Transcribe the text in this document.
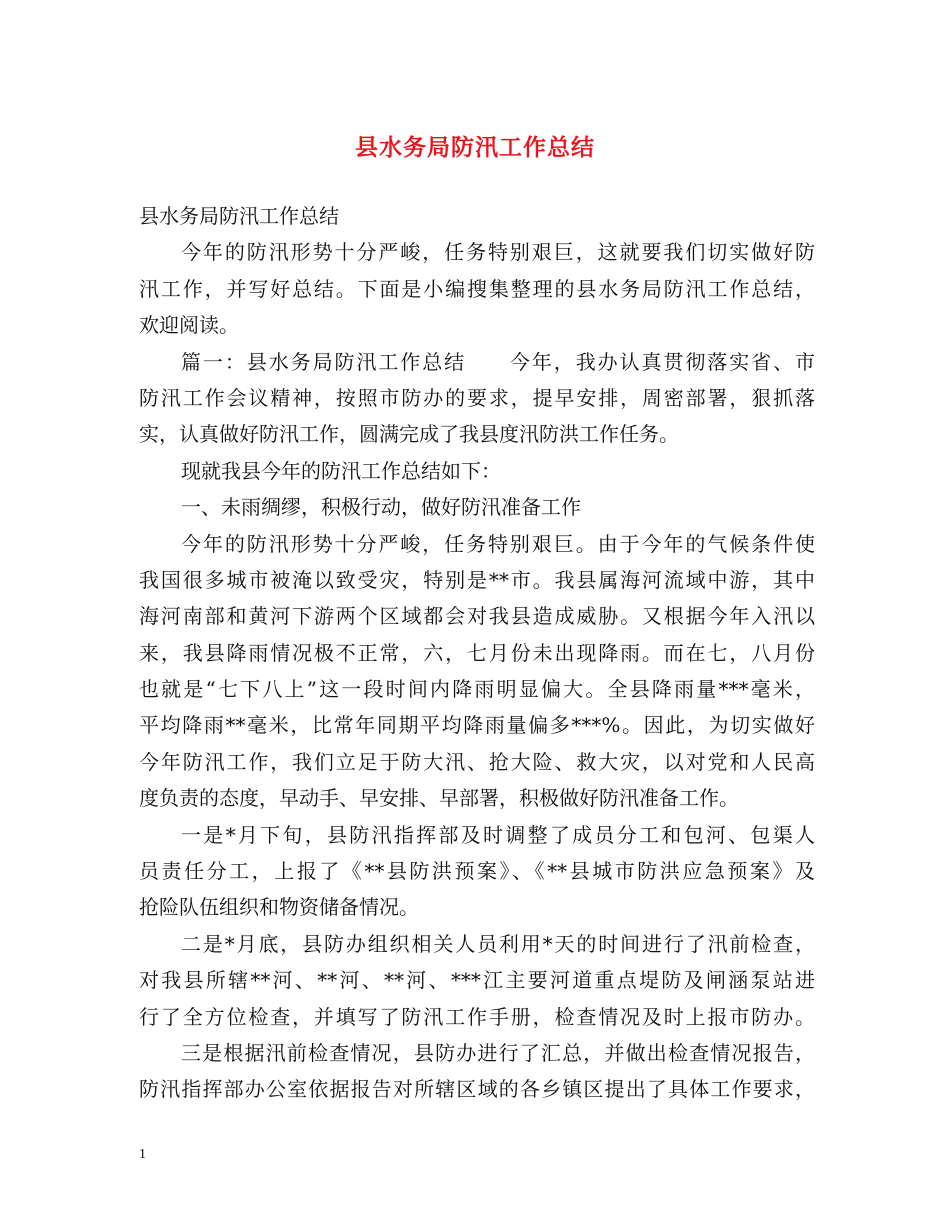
县水务局防汛工作总结
县水务局防汛工作总结
今年的防汛形势十分严峻，任务特别艰巨，这就要我们切实做好防
汛工作，并写好总结。下面是小编搜集整理的县水务局防汛工作总结，
欢迎阅读。
篇一：县水务局防汛工作总结　　今年，我办认真贯彻落实省、市
防汛工作会议精神，按照市防办的要求，提早安排，周密部署，狠抓落
实，认真做好防汛工作，圆满完成了我县度汛防洪工作任务。
现就我县今年的防汛工作总结如下：
一、未雨绸缪，积极行动，做好防汛准备工作
今年的防汛形势十分严峻，任务特别艰巨。由于今年的气候条件使
我国很多城市被淹以致受灾，特别是**市。我县属海河流域中游，其中
海河南部和黄河下游两个区域都会对我县造成威胁。又根据今年入汛以
来，我县降雨情况极不正常，六，七月份未出现降雨。而在七，八月份
也就是“七下八上”这一段时间内降雨明显偏大。全县降雨量***毫米，
平均降雨**毫米，比常年同期平均降雨量偏多***%。因此，为切实做好
今年防汛工作，我们立足于防大汛、抢大险、救大灾，以对党和人民高
度负责的态度，早动手、早安排、早部署，积极做好防汛准备工作。
一是*月下旬，县防汛指挥部及时调整了成员分工和包河、包渠人
员责任分工，上报了《**县防洪预案》、《**县城市防洪应急预案》及
抢险队伍组织和物资储备情况。
二是*月底，县防办组织相关人员利用*天的时间进行了汛前检查，
对我县所辖**河、**河、**河、***江主要河道重点堤防及闸涵泵站进
行了全方位检查，并填写了防汛工作手册，检查情况及时上报市防办。
三是根据汛前检查情况，县防办进行了汇总，并做出检查情况报告，
防汛指挥部办公室依据报告对所辖区域的各乡镇区提出了具体工作要求，
1
